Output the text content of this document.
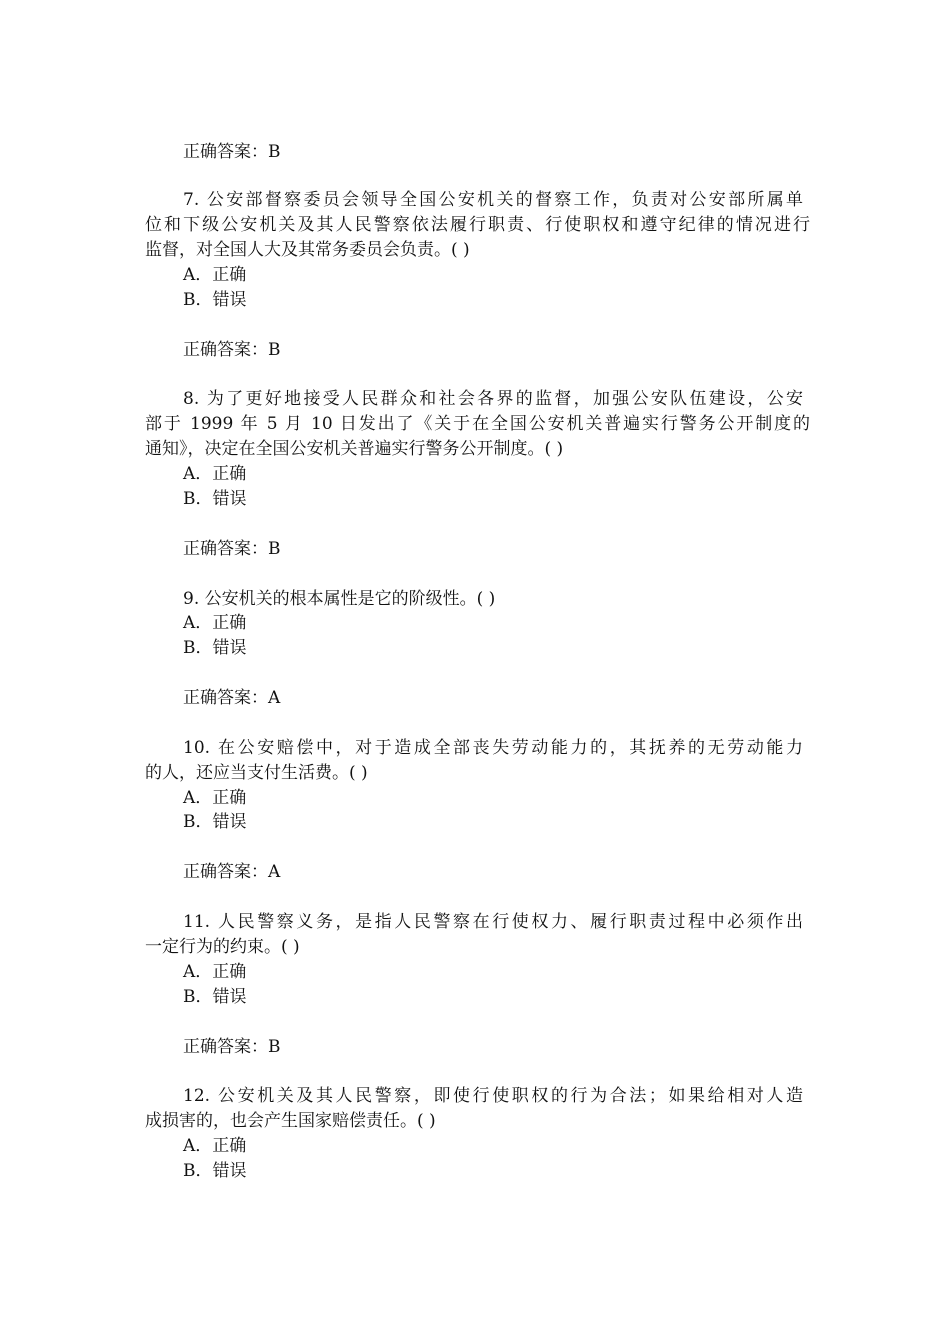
正确答案：B
7. 公安部督察委员会领导全国公安机关的督察工作，负责对公安部所属单
位和下级公安机关及其人民警察依法履行职责、行使职权和遵守纪律的情况进行
监督，对全国人大及其常务委员会负责。( )
A．正确
B．错误
正确答案：B
8. 为了更好地接受人民群众和社会各界的监督，加强公安队伍建设，公安
部于 1999 年 5 月 10 日发出了《关于在全国公安机关普遍实行警务公开制度的
通知》，决定在全国公安机关普遍实行警务公开制度。( )
A．正确
B．错误
正确答案：B
9. 公安机关的根本属性是它的阶级性。( )
A．正确
B．错误
正确答案：A
10. 在公安赔偿中，对于造成全部丧失劳动能力的，其抚养的无劳动能力
的人，还应当支付生活费。( )
A．正确
B．错误
正确答案：A
11. 人民警察义务，是指人民警察在行使权力、履行职责过程中必须作出
一定行为的约束。( )
A．正确
B．错误
正确答案：B
12. 公安机关及其人民警察，即使行使职权的行为合法；如果给相对人造
成损害的，也会产生国家赔偿责任。( )
A．正确
B．错误
